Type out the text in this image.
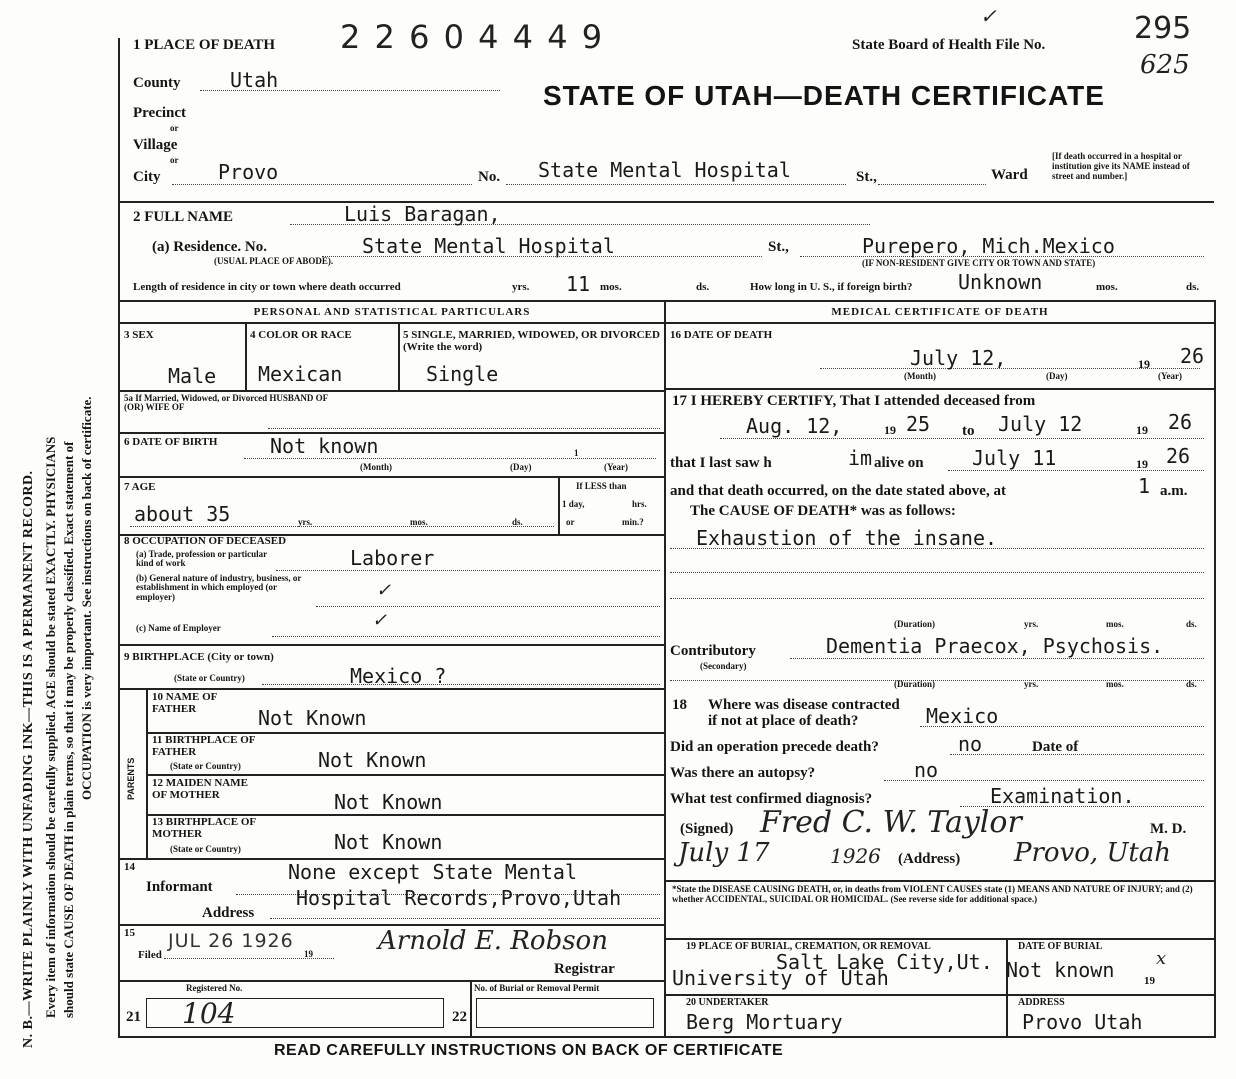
N. B.—WRITE PLAINLY WITH UNFADING INK—THIS IS A PERMANENT RECORD. Every item of information should be carefully supplied. AGE should be stated EXACTLY. PHYSICIANS should state CAUSE OF DEATH in plain terms, so that it may be properly classified. Exact statement of OCCUPATION is very important. See instructions on back of certificate.
1 PLACE OF DEATH 2 2 6 0 4 4 4 9
✓
State Board of Health File No.	295
625
STATE OF UTAH—DEATH CERTIFICATE
County Utah
Precinct
or
Village
or
City	Provo	No. State Mental Hospital	St.,	Ward
[If death occurred in a hospital or institution give its NAME instead of street and number.]
2 FULL NAME	Luis Baragan,
(a) Residence. No.
(USUAL PLACE OF ABODE).
State Mental Hospital	St.,	Purepero, Mich.Mexico
(IF NON-RESIDENT GIVE CITY OR TOWN AND STATE)
Length of residence in city or town where death occurred	yrs. 11 mos.	ds.	How long in U. S., if foreign birth? Unknown	mos.	ds.
PERSONAL AND STATISTICAL PARTICULARS	MEDICAL CERTIFICATE OF DEATH
3 SEX
Male
4 COLOR OR RACE
Mexican
5 SINGLE, MARRIED, WIDOWED, OR DIVORCED (Write the word)
Single
5a If Married, Widowed, or Divorced HUSBAND OF (OR) WIFE OF
6 DATE OF BIRTH	Not known	1
(Month)	(Day)	(Year)
7 AGE
about 35	yrs.	mos.	ds.
If LESS than
1 day,	hrs.
or	min.?
8 OCCUPATION OF DECEASED
(a) Trade, profession or particular kind of work	Laborer
(b) General nature of industry, business, or establishment in which employed (or employer)	✓
(c) Name of Employer	✓
9 BIRTHPLACE (City or town)
Mexico ?
(State or Country)
PARENTS
10 NAME OF FATHER	Not Known
11 BIRTHPLACE OF FATHER
(State or Country)	Not Known
12 MAIDEN NAME OF MOTHER	Not Known
13 BIRTHPLACE OF MOTHER
(State or Country)	Not Known
14
Informant
None except State Mental
Address
Hospital Records,Provo,Utah
15
Filed
JUL 26 1926
19	Arnold E. Robson
Registrar
Registered No.
21 104
No. of Burial or Removal Permit
22
16 DATE OF DEATH
July 12,	19 26
(Month)	(Day)	(Year)
17 I HEREBY CERTIFY, That I attended deceased from
Aug. 12,	19 25 to July 12	19 26
that I last saw h	im alive on July 11	19 26
and that death occurred, on the date stated above, at	1 a.m.
The CAUSE OF DEATH* was as follows:
Exhaustion of the insane.
(Duration)	yrs.	mos.	ds.
Contributory
(Secondary)
Dementia Praecox, Psychosis.
(Duration)	yrs.	mos.	ds.
18 Where was disease contracted
if not at place of death?	Mexico
Did an operation precede death?	no	Date of
Was there an autopsy?	no
What test confirmed diagnosis?	Examination.
(Signed) Fred C. W. Taylor	M. D.
July 17	1926 (Address) Provo, Utah
*State the DISEASE CAUSING DEATH, or, in deaths from VIOLENT CAUSES state (1) MEANS AND NATURE OF INJURY; and (2) whether ACCIDENTAL, SUICIDAL OR HOMICIDAL. (See reverse side for additional space.)
19 PLACE OF BURIAL, CREMATION, OR REMOVAL
Salt Lake City,Ut.
University of Utah
DATE OF BURIAL
Not known	19
x
20 UNDERTAKER
Berg Mortuary
ADDRESS
Provo Utah
READ CAREFULLY INSTRUCTIONS ON BACK OF CERTIFICATE
